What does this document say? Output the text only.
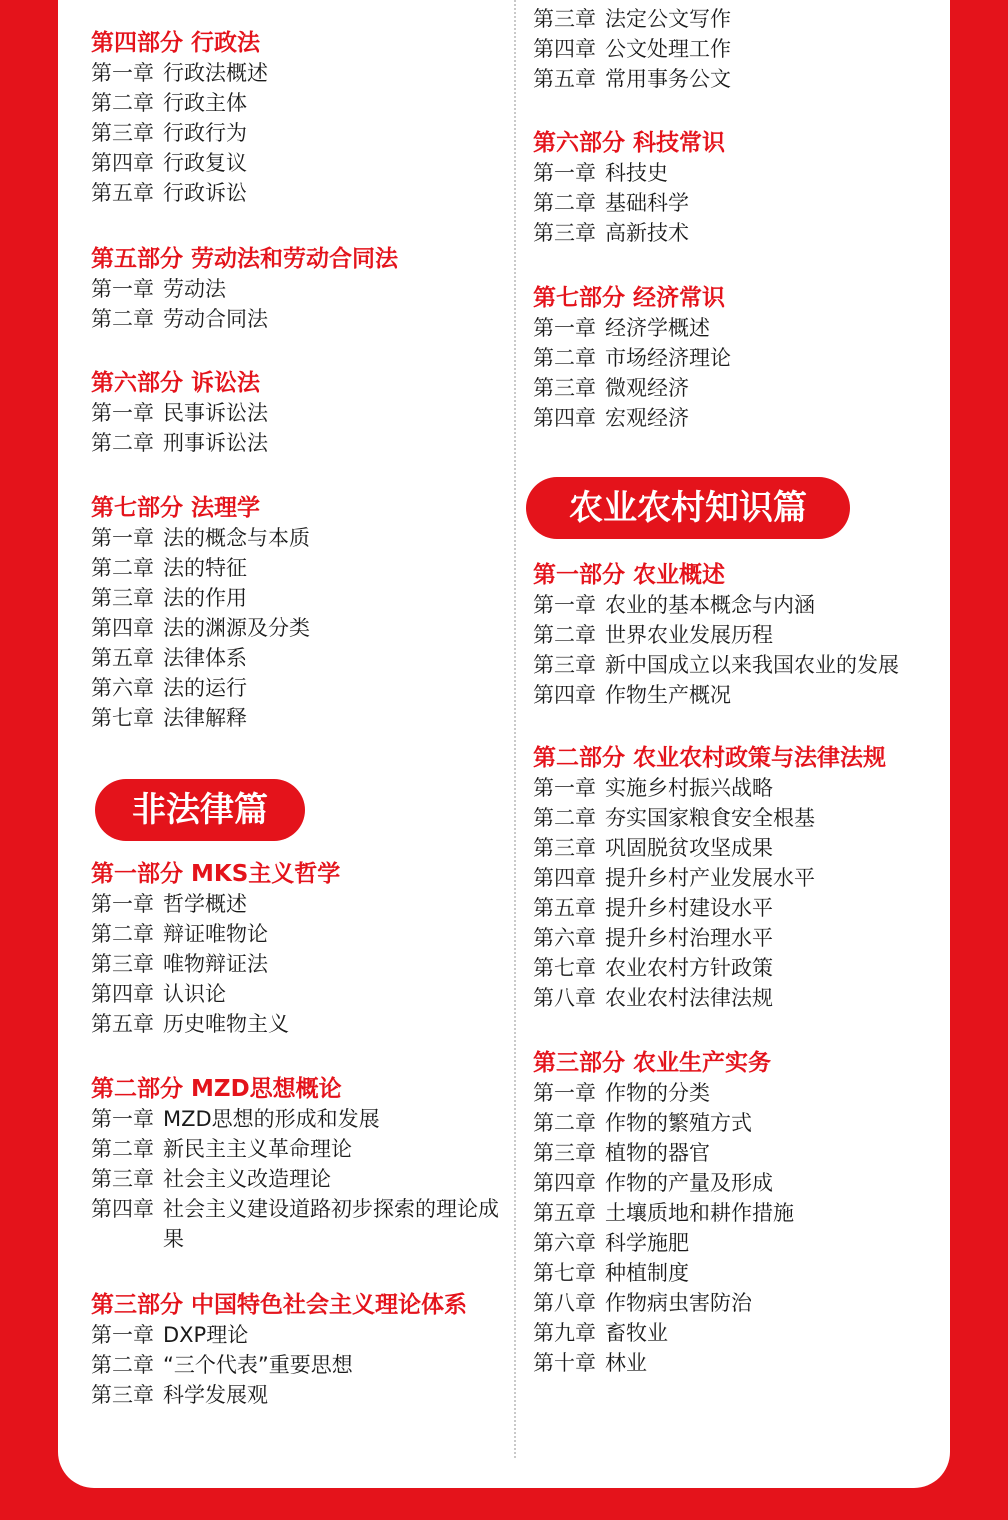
第四部分 行政法
第一章 行政法概述
第二章 行政主体
第三章 行政行为
第四章 行政复议
第五章 行政诉讼
第五部分 劳动法和劳动合同法
第一章 劳动法
第二章 劳动合同法
第六部分 诉讼法
第一章 民事诉讼法
第二章 刑事诉讼法
第七部分 法理学
第一章 法的概念与本质
第二章 法的特征
第三章 法的作用
第四章 法的渊源及分类
第五章 法律体系
第六章 法的运行
第七章 法律解释
非法律篇
第一部分 MKS主义哲学
第一章 哲学概述
第二章 辩证唯物论
第三章 唯物辩证法
第四章 认识论
第五章 历史唯物主义
第二部分 MZD思想概论
第一章 MZD思想的形成和发展
第二章 新民主主义革命理论
第三章 社会主义改造理论
第四章 社会主义建设道路初步探索的理论成果
第三部分 中国特色社会主义理论体系
第一章 DXP理论
第二章 “三个代表”重要思想
第三章 科学发展观
第三章 法定公文写作
第四章 公文处理工作
第五章 常用事务公文
第六部分 科技常识
第一章 科技史
第二章 基础科学
第三章 高新技术
第七部分 经济常识
第一章 经济学概述
第二章 市场经济理论
第三章 微观经济
第四章 宏观经济
农业农村知识篇
第一部分 农业概述
第一章 农业的基本概念与内涵
第二章 世界农业发展历程
第三章 新中国成立以来我国农业的发展
第四章 作物生产概况
第二部分 农业农村政策与法律法规
第一章 实施乡村振兴战略
第二章 夯实国家粮食安全根基
第三章 巩固脱贫攻坚成果
第四章 提升乡村产业发展水平
第五章 提升乡村建设水平
第六章 提升乡村治理水平
第七章 农业农村方针政策
第八章 农业农村法律法规
第三部分 农业生产实务
第一章 作物的分类
第二章 作物的繁殖方式
第三章 植物的器官
第四章 作物的产量及形成
第五章 土壤质地和耕作措施
第六章 科学施肥
第七章 种植制度
第八章 作物病虫害防治
第九章 畜牧业
第十章 林业
